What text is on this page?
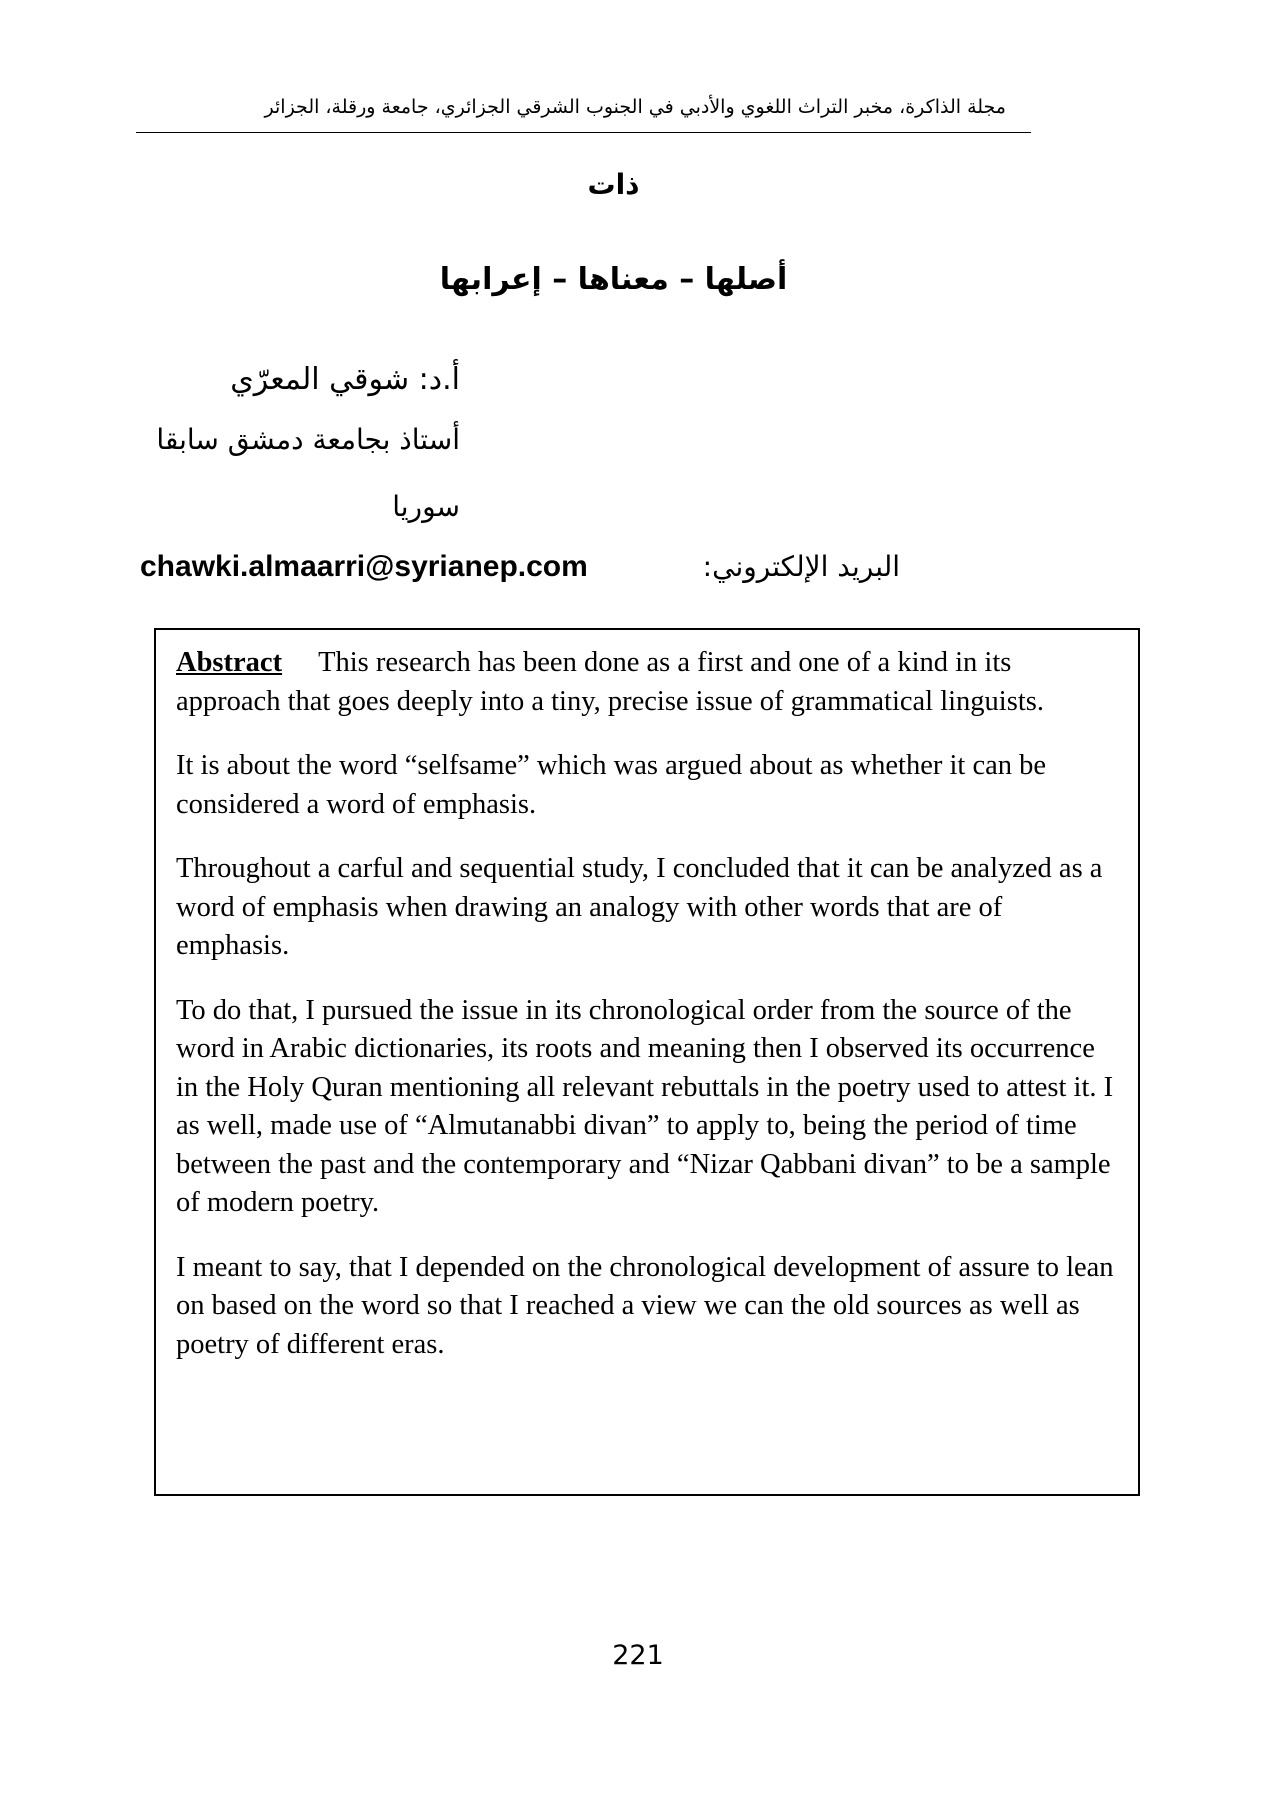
مجلة الذاكرة، مخبر التراث اللغوي والأدبي في الجنوب الشرقي الجزائري، جامعة ورقلة، الجزائر
ذات
أصلها – معناها – إعرابها
أ.د: شوقي المعرّي
أستاذ بجامعة دمشق سابقا
سوريا
البريد الإلكتروني:
chawki.almaarri@syrianep.com

Abstract This research has been done as a first and one of a kind in its approach that goes deeply into a tiny, precise issue of grammatical linguists.

It is about the word “selfsame” which was argued about as whether it can be considered a word of emphasis.

Throughout a carful and sequential study, I concluded that it can be analyzed as a word of emphasis when drawing an analogy with other words that are of emphasis.

To do that, I pursued the issue in its chronological order from the source of the word in Arabic dictionaries, its roots and meaning then I observed its occurrence in the Holy Quran mentioning all relevant rebuttals in the poetry used to attest it. I as well, made use of “Almutanabbi divan” to apply to, being the period of time between the past and the contemporary and “Nizar Qabbani divan” to be a sample of modern poetry.

I meant to say, that I depended on the chronological development of assure to lean on based on the word so that I reached a view we can the old sources as well as poetry of different eras.

221
